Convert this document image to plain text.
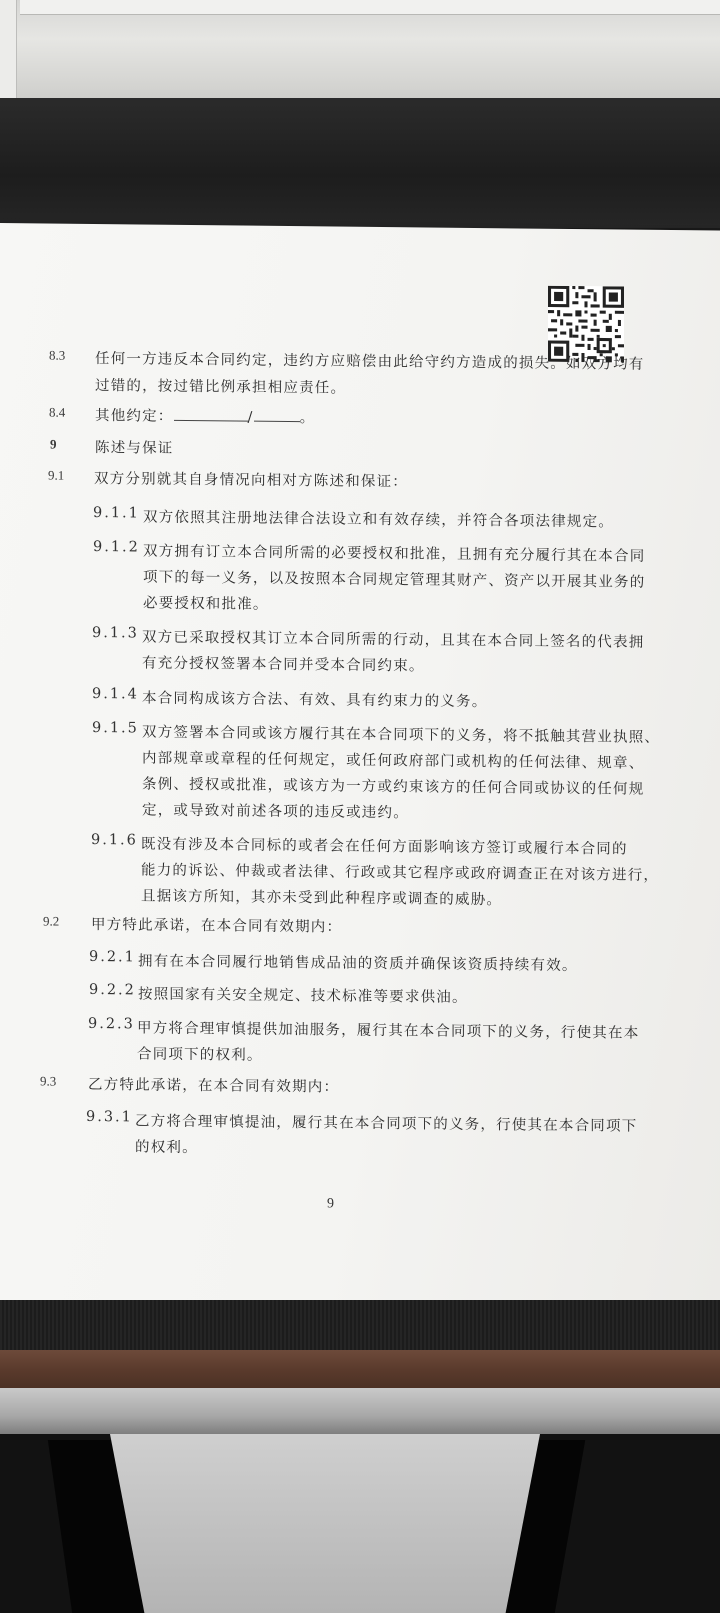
8.3 任何一方违反本合同约定，违约方应赔偿由此给守约方造成的损失。如双方均有
过错的，按过错比例承担相应责任。
8.4 其他约定：	/	。
9	陈述与保证
9.1 双方分别就其自身情况向相对方陈述和保证：
9.1.1 双方依照其注册地法律合法设立和有效存续，并符合各项法律规定。
9.1.2 双方拥有订立本合同所需的必要授权和批准，且拥有充分履行其在本合同
项下的每一义务，以及按照本合同规定管理其财产、资产以开展其业务的
必要授权和批准。
9.1.3 双方已采取授权其订立本合同所需的行动，且其在本合同上签名的代表拥
有充分授权签署本合同并受本合同约束。
9.1.4 本合同构成该方合法、有效、具有约束力的义务。
9.1.5 双方签署本合同或该方履行其在本合同项下的义务，将不抵触其营业执照、
内部规章或章程的任何规定，或任何政府部门或机构的任何法律、规章、
条例、授权或批准，或该方为一方或约束该方的任何合同或协议的任何规
定，或导致对前述各项的违反或违约。
9.1.6 既没有涉及本合同标的或者会在任何方面影响该方签订或履行本合同的
能力的诉讼、仲裁或者法律、行政或其它程序或政府调查正在对该方进行，
且据该方所知，其亦未受到此种程序或调查的威胁。
9.2 甲方特此承诺，在本合同有效期内：
9.2.1 拥有在本合同履行地销售成品油的资质并确保该资质持续有效。
9.2.2 按照国家有关安全规定、技术标准等要求供油。
9.2.3 甲方将合理审慎提供加油服务，履行其在本合同项下的义务，行使其在本
合同项下的权利。
9.3 乙方特此承诺，在本合同有效期内：
9.3.1 乙方将合理审慎提油，履行其在本合同项下的义务，行使其在本合同项下
的权利。
9
